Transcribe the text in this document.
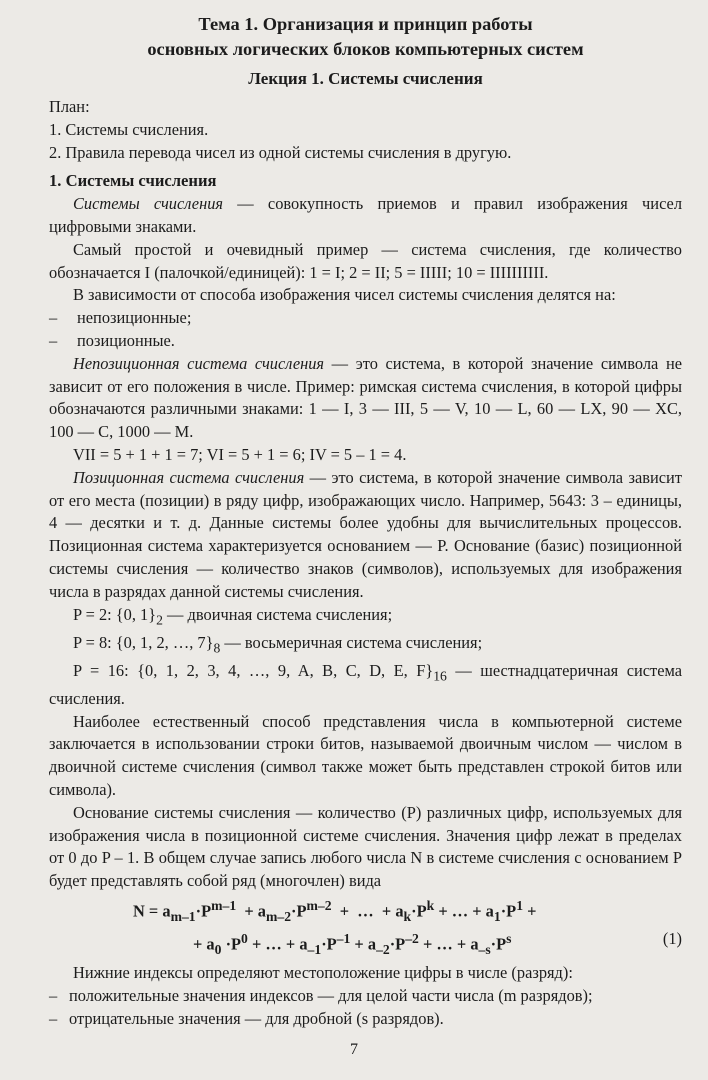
Тема 1. Организация и принцип работы
основных логических блоков компьютерных систем
Лекция 1. Системы счисления

План:

1. Системы счисления.

2. Правила перевода чисел из одной системы счисления в другую.

1. Системы счисления

Системы счисления — совокупность приемов и правил изображения чисел цифровыми знаками.

Самый простой и очевидный пример — система счисления, где количество обозначается I (палочкой/единицей): 1 = I; 2 = II; 5 = IIIII; 10 = IIIIIIIIII.

В зависимости от способа изображения чисел системы счисления делятся на:

– непозиционные;

– позиционные.

Непозиционная система счисления — это система, в которой значение символа не зависит от его положения в числе. Пример: римская система счисления, в которой цифры обозначаются различными знаками: 1 — I, 3 — III, 5 — V, 10 — L, 60 — LX, 90 — XC, 100 — C, 1000 — M.

VII = 5 + 1 + 1 = 7; VI = 5 + 1 = 6; IV = 5 – 1 = 4.

Позиционная система счисления — это система, в которой значение символа зависит от его места (позиции) в ряду цифр, изображающих число. Например, 5643: 3 – единицы, 4 — десятки и т. д. Данные системы более удобны для вычислительных процессов. Позиционная система характеризуется основанием — P. Основание (базис) позиционной системы счисления — количество знаков (символов), используемых для изображения числа в разрядах данной системы счисления.

P = 2: {0, $1\}_2$ — двоичная система счисления;

P = 8: {0, 1, 2, …, $7\}_8$ — восьмеричная система счисления;

P = 16: {0, 1, 2, 3, 4, …, 9, A, B, C, D, E, $F\}_{16}$ — шестнадцатеричная система счисления.

Наиболее естественный способ представления числа в компьютерной системе заключается в использовании строки битов, называемой двоичным числом — числом в двоичной системе счисления (символ также может быть представлен строкой битов или символа).

Основание системы счисления — количество (P) различных цифр, используемых для изображения числа в позиционной системе счисления. Значения цифр лежат в пределах от 0 до P – 1. В общем случае запись любого числа N в системе счисления с основанием P будет представлять собой ряд (многочлен) вида

$N = a_{m-1}\cdot P^{m-1} + a_{m-2}\cdot P^{m-2}$  +  …  + $a_k\cdot P^k$ + … + $a_1\cdot P^1$ +

+ $a_0 \cdot P^0$ + … + $a_{-1}\cdot P^{-1} + a_{-2}\cdot P^{-2}$ + … + $a_{-s}\cdot P^s$	(1)

Нижние индексы определяют местоположение цифры в числе (разряд):

– положительные значения индексов — для целой части числа (m разрядов);

– отрицательные значения — для дробной (s разрядов).

7
